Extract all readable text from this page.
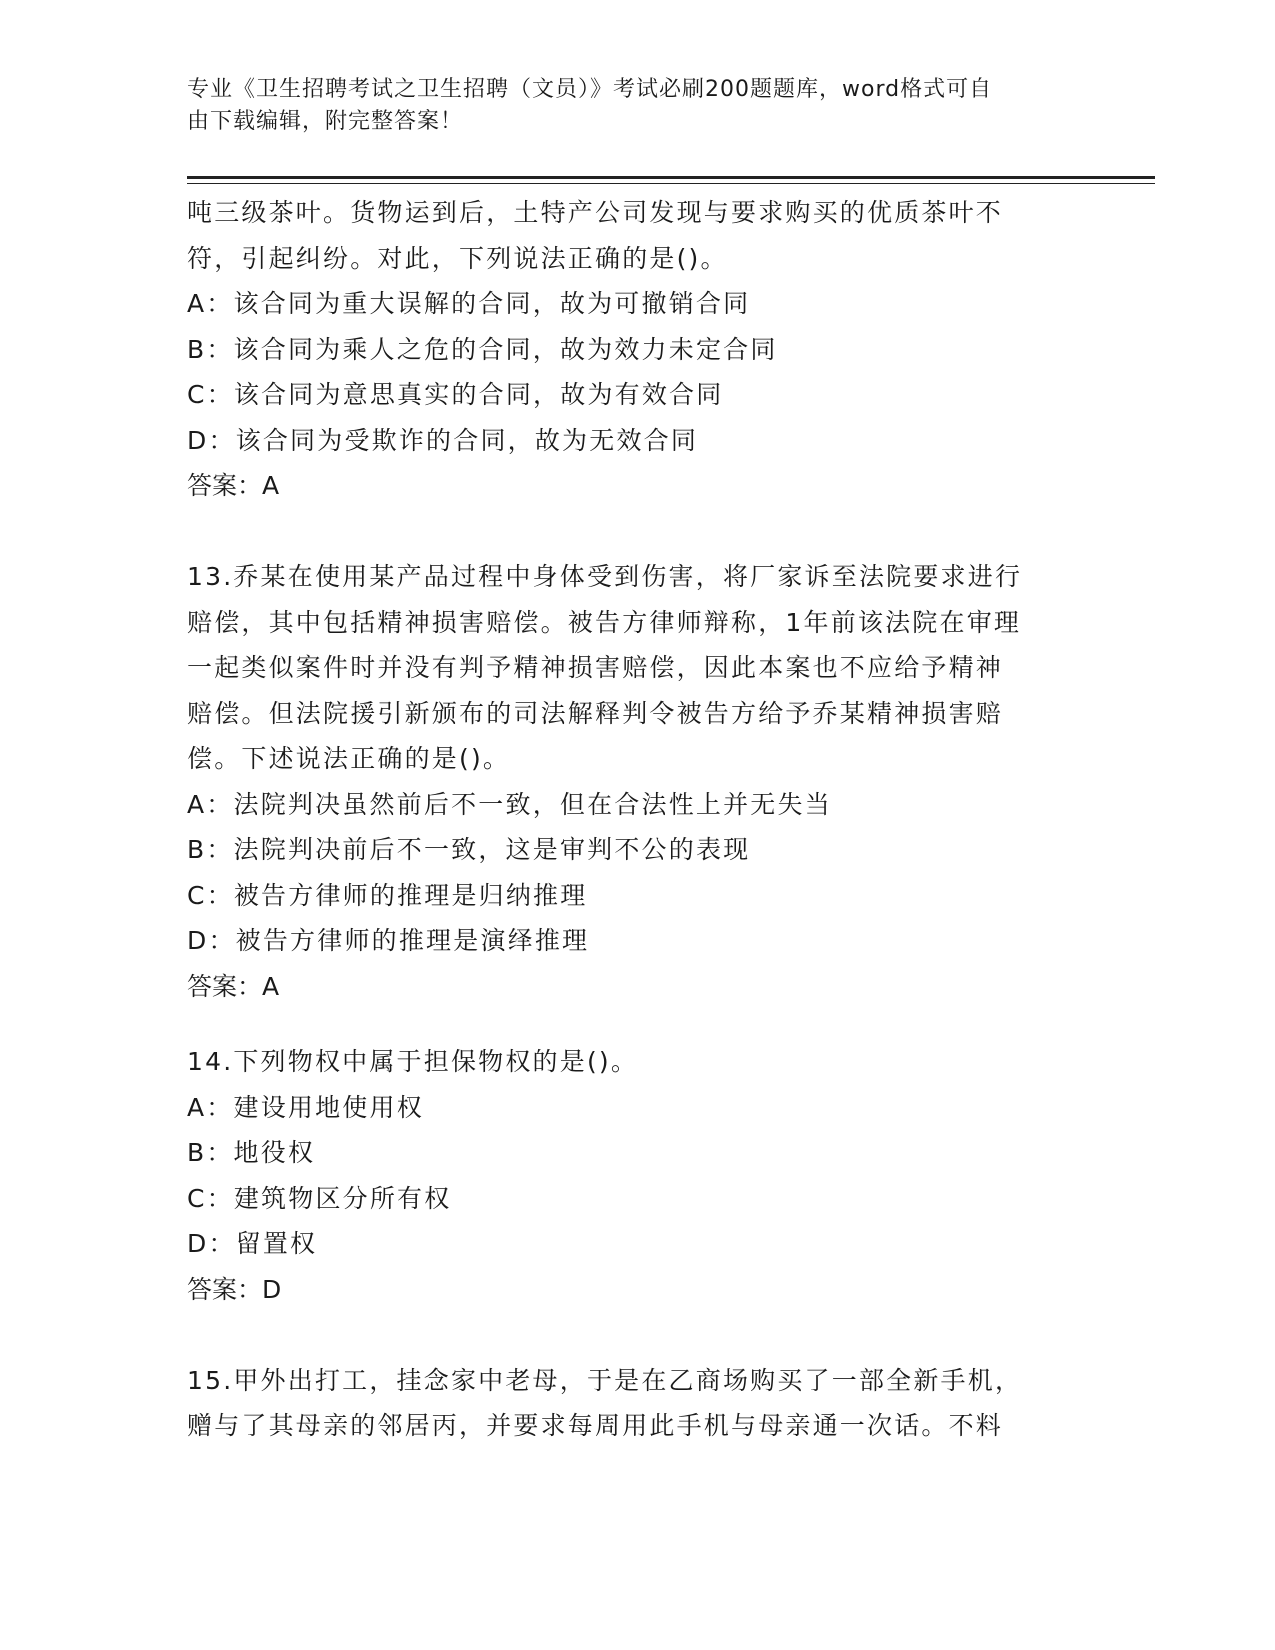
专业《卫生招聘考试之卫生招聘（文员）》考试必刷200题题库，word格式可自
由下载编辑，附完整答案！
吨三级茶叶。货物运到后，土特产公司发现与要求购买的优质茶叶不
符，引起纠纷。对此，下列说法正确的是()。
A：该合同为重大误解的合同，故为可撤销合同
B：该合同为乘人之危的合同，故为效力未定合同
C：该合同为意思真实的合同，故为有效合同
D：该合同为受欺诈的合同，故为无效合同
答案：A
13.乔某在使用某产品过程中身体受到伤害，将厂家诉至法院要求进行
赔偿，其中包括精神损害赔偿。被告方律师辩称，1年前该法院在审理
一起类似案件时并没有判予精神损害赔偿，因此本案也不应给予精神
赔偿。但法院援引新颁布的司法解释判令被告方给予乔某精神损害赔
偿。下述说法正确的是()。
A：法院判决虽然前后不一致，但在合法性上并无失当
B：法院判决前后不一致，这是审判不公的表现
C：被告方律师的推理是归纳推理
D：被告方律师的推理是演绎推理
答案：A
14.下列物权中属于担保物权的是()。
A：建设用地使用权
B：地役权
C：建筑物区分所有权
D：留置权
答案：D
15.甲外出打工，挂念家中老母，于是在乙商场购买了一部全新手机，
赠与了其母亲的邻居丙，并要求每周用此手机与母亲通一次话。不料
